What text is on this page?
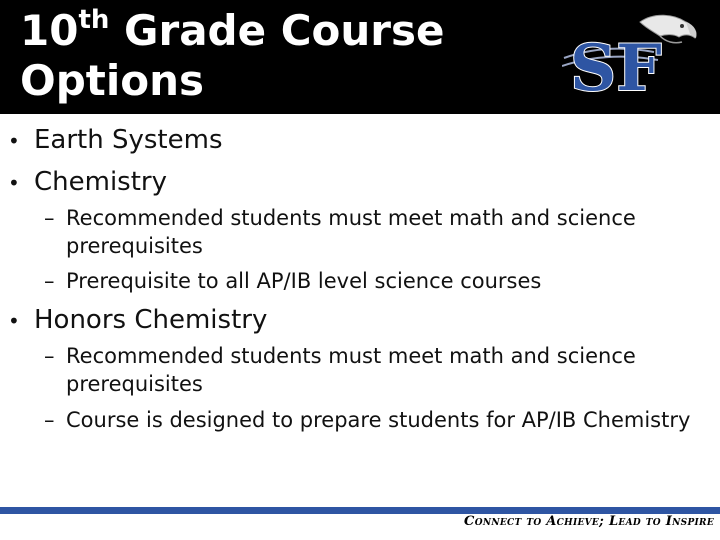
10th Grade Course
Options	SF
• Earth Systems
• Chemistry
– Recommended students must meet math and science prerequisites
– Prerequisite to all AP/IB level science courses
• Honors Chemistry
– Recommended students must meet math and science prerequisites
– Course is designed to prepare students for AP/IB Chemistry
Connect to Achieve; Lead to Inspire
